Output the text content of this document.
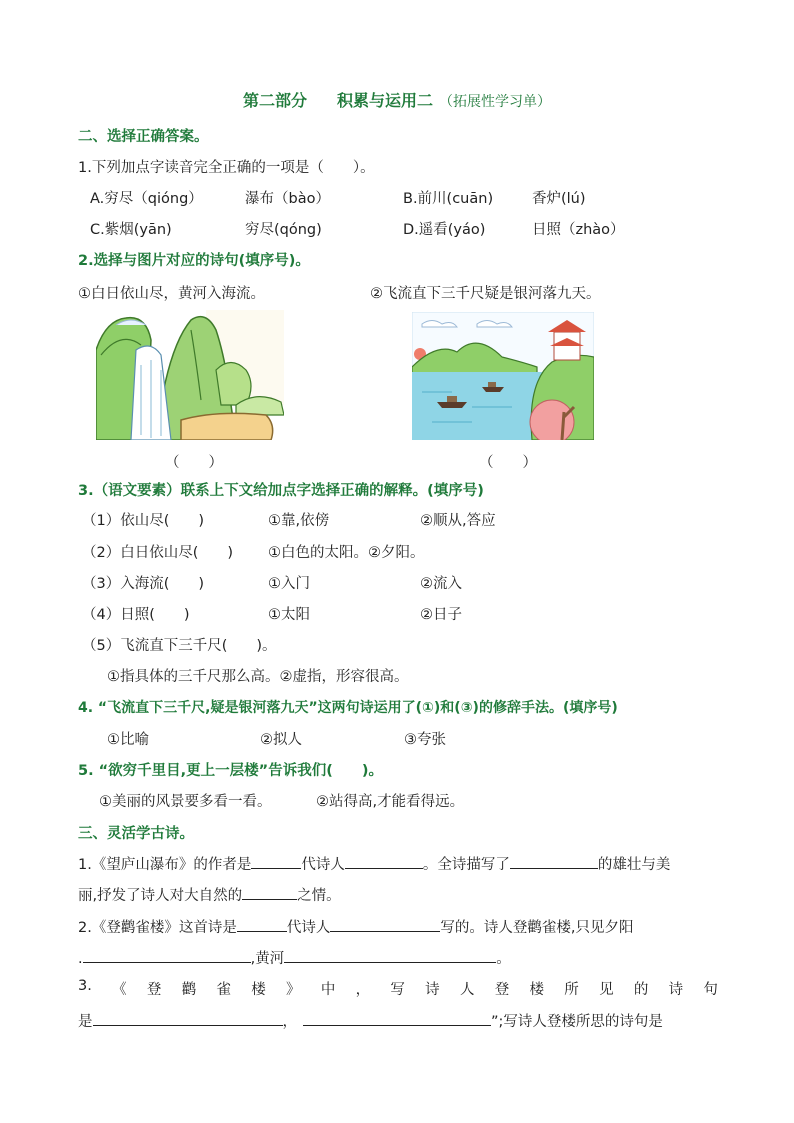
第二部分 积累与运用二 （拓展性学习单）
二、选择正确答案。
1.下列加点字读音完全正确的一项是（　　）。
A.穷尽（qióng）	瀑布（bào）	B.前川(cuān)	香炉(lú)
C.紫烟(yān)	穷尽(qóng)	D.遥看(yáo)	日照（zhào）
2.选择与图片对应的诗句(填序号)。
①白日依山尽，黄河入海流。	②飞流直下三千尺疑是银河落九天。
（　　）	（　　）
3.（语文要素）联系上下文给加点字选择正确的解释。(填序号)
（1）依山尽(　　)	①靠,依傍	②顺从,答应
（2）白日依山尽(　　) ①白色的太阳。②夕阳。
（3）入海流(　　)	①入门	②流入
（4）日照(　　)	①太阳	②日子
（5）飞流直下三千尺(　　)。
①指具体的三千尺那么高。②虚指，形容很高。
4. “飞流直下三千尺,疑是银河落九天”这两句诗运用了(①)和(③)的修辞手法。(填序号)
①比喻	②拟人	③夸张
5. “欲穷千里目,更上一层楼”告诉我们(　　)。
①美丽的风景要多看一看。	②站得高,才能看得远。
三、灵活学古诗。
1.《望庐山瀑布》的作者是	代诗人	。全诗描写了	的雄壮与美
丽,抒发了诗人对大自然的	之情。
2.《登鹳雀楼》这首诗是	代诗人	写的。诗人登鹳雀楼,只见夕阳
.	,黄河	。
3. 《 登 鹳 雀 楼 》 中 ， 写 诗 人 登 楼 所 见 的 诗 句
是	，	”;写诗人登楼所思的诗句是
